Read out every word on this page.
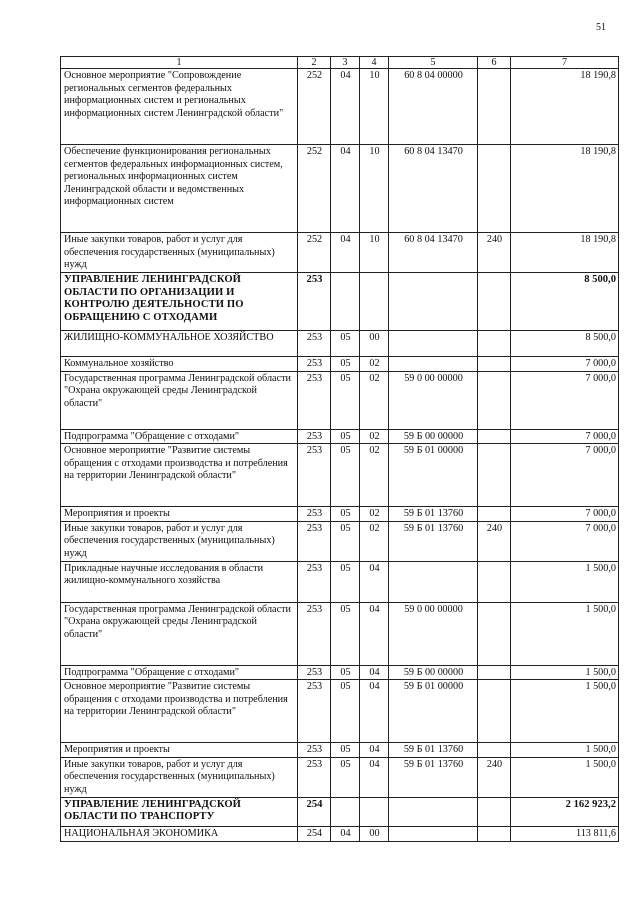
51
1	2	3	4	5	6	7
Основное мероприятие "Сопровождение региональных сегментов федеральных информационных систем и региональных информационных систем Ленинградской области"	252	04	10	60 8 04 00000		18 190,8
Обеспечение функционирования региональных сегментов федеральных информационных систем, региональных информационных систем Ленинградской области и ведомственных информационных систем	252	04	10	60 8 04 13470		18 190,8
Иные закупки товаров, работ и услуг для обеспечения государственных (муниципальных) нужд	252	04	10	60 8 04 13470	240	18 190,8
УПРАВЛЕНИЕ ЛЕНИНГРАДСКОЙ ОБЛАСТИ ПО ОРГАНИЗАЦИИ И КОНТРОЛЮ ДЕЯТЕЛЬНОСТИ ПО ОБРАЩЕНИЮ С ОТХОДАМИ	253					8 500,0
ЖИЛИЩНО-КОММУНАЛЬНОЕ ХОЗЯЙСТВО	253	05	00			8 500,0
Коммунальное хозяйство	253	05	02			7 000,0
Государственная программа Ленинградской области "Охрана окружающей среды Ленинградской области"	253	05	02	59 0 00 00000		7 000,0
Подпрограмма "Обращение с отходами"	253	05	02	59 Б 00 00000		7 000,0
Основное мероприятие "Развитие системы обращения с отходами производства и потребления на территории Ленинградской области"	253	05	02	59 Б 01 00000		7 000,0
Мероприятия и проекты	253	05	02	59 Б 01 13760		7 000,0
Иные закупки товаров, работ и услуг для обеспечения государственных (муниципальных) нужд	253	05	02	59 Б 01 13760	240	7 000,0
Прикладные научные исследования в области жилищно-коммунального хозяйства	253	05	04			1 500,0
Государственная программа Ленинградской области "Охрана окружающей среды Ленинградской области"	253	05	04	59 0 00 00000		1 500,0
Подпрограмма "Обращение с отходами"	253	05	04	59 Б 00 00000		1 500,0
Основное мероприятие "Развитие системы обращения с отходами производства и потребления на территории Ленинградской области"	253	05	04	59 Б 01 00000		1 500,0
Мероприятия и проекты	253	05	04	59 Б 01 13760		1 500,0
Иные закупки товаров, работ и услуг для обеспечения государственных (муниципальных) нужд	253	05	04	59 Б 01 13760	240	1 500,0
УПРАВЛЕНИЕ ЛЕНИНГРАДСКОЙ ОБЛАСТИ ПО ТРАНСПОРТУ	254					2 162 923,2
НАЦИОНАЛЬНАЯ ЭКОНОМИКА	254	04	00			113 811,6
